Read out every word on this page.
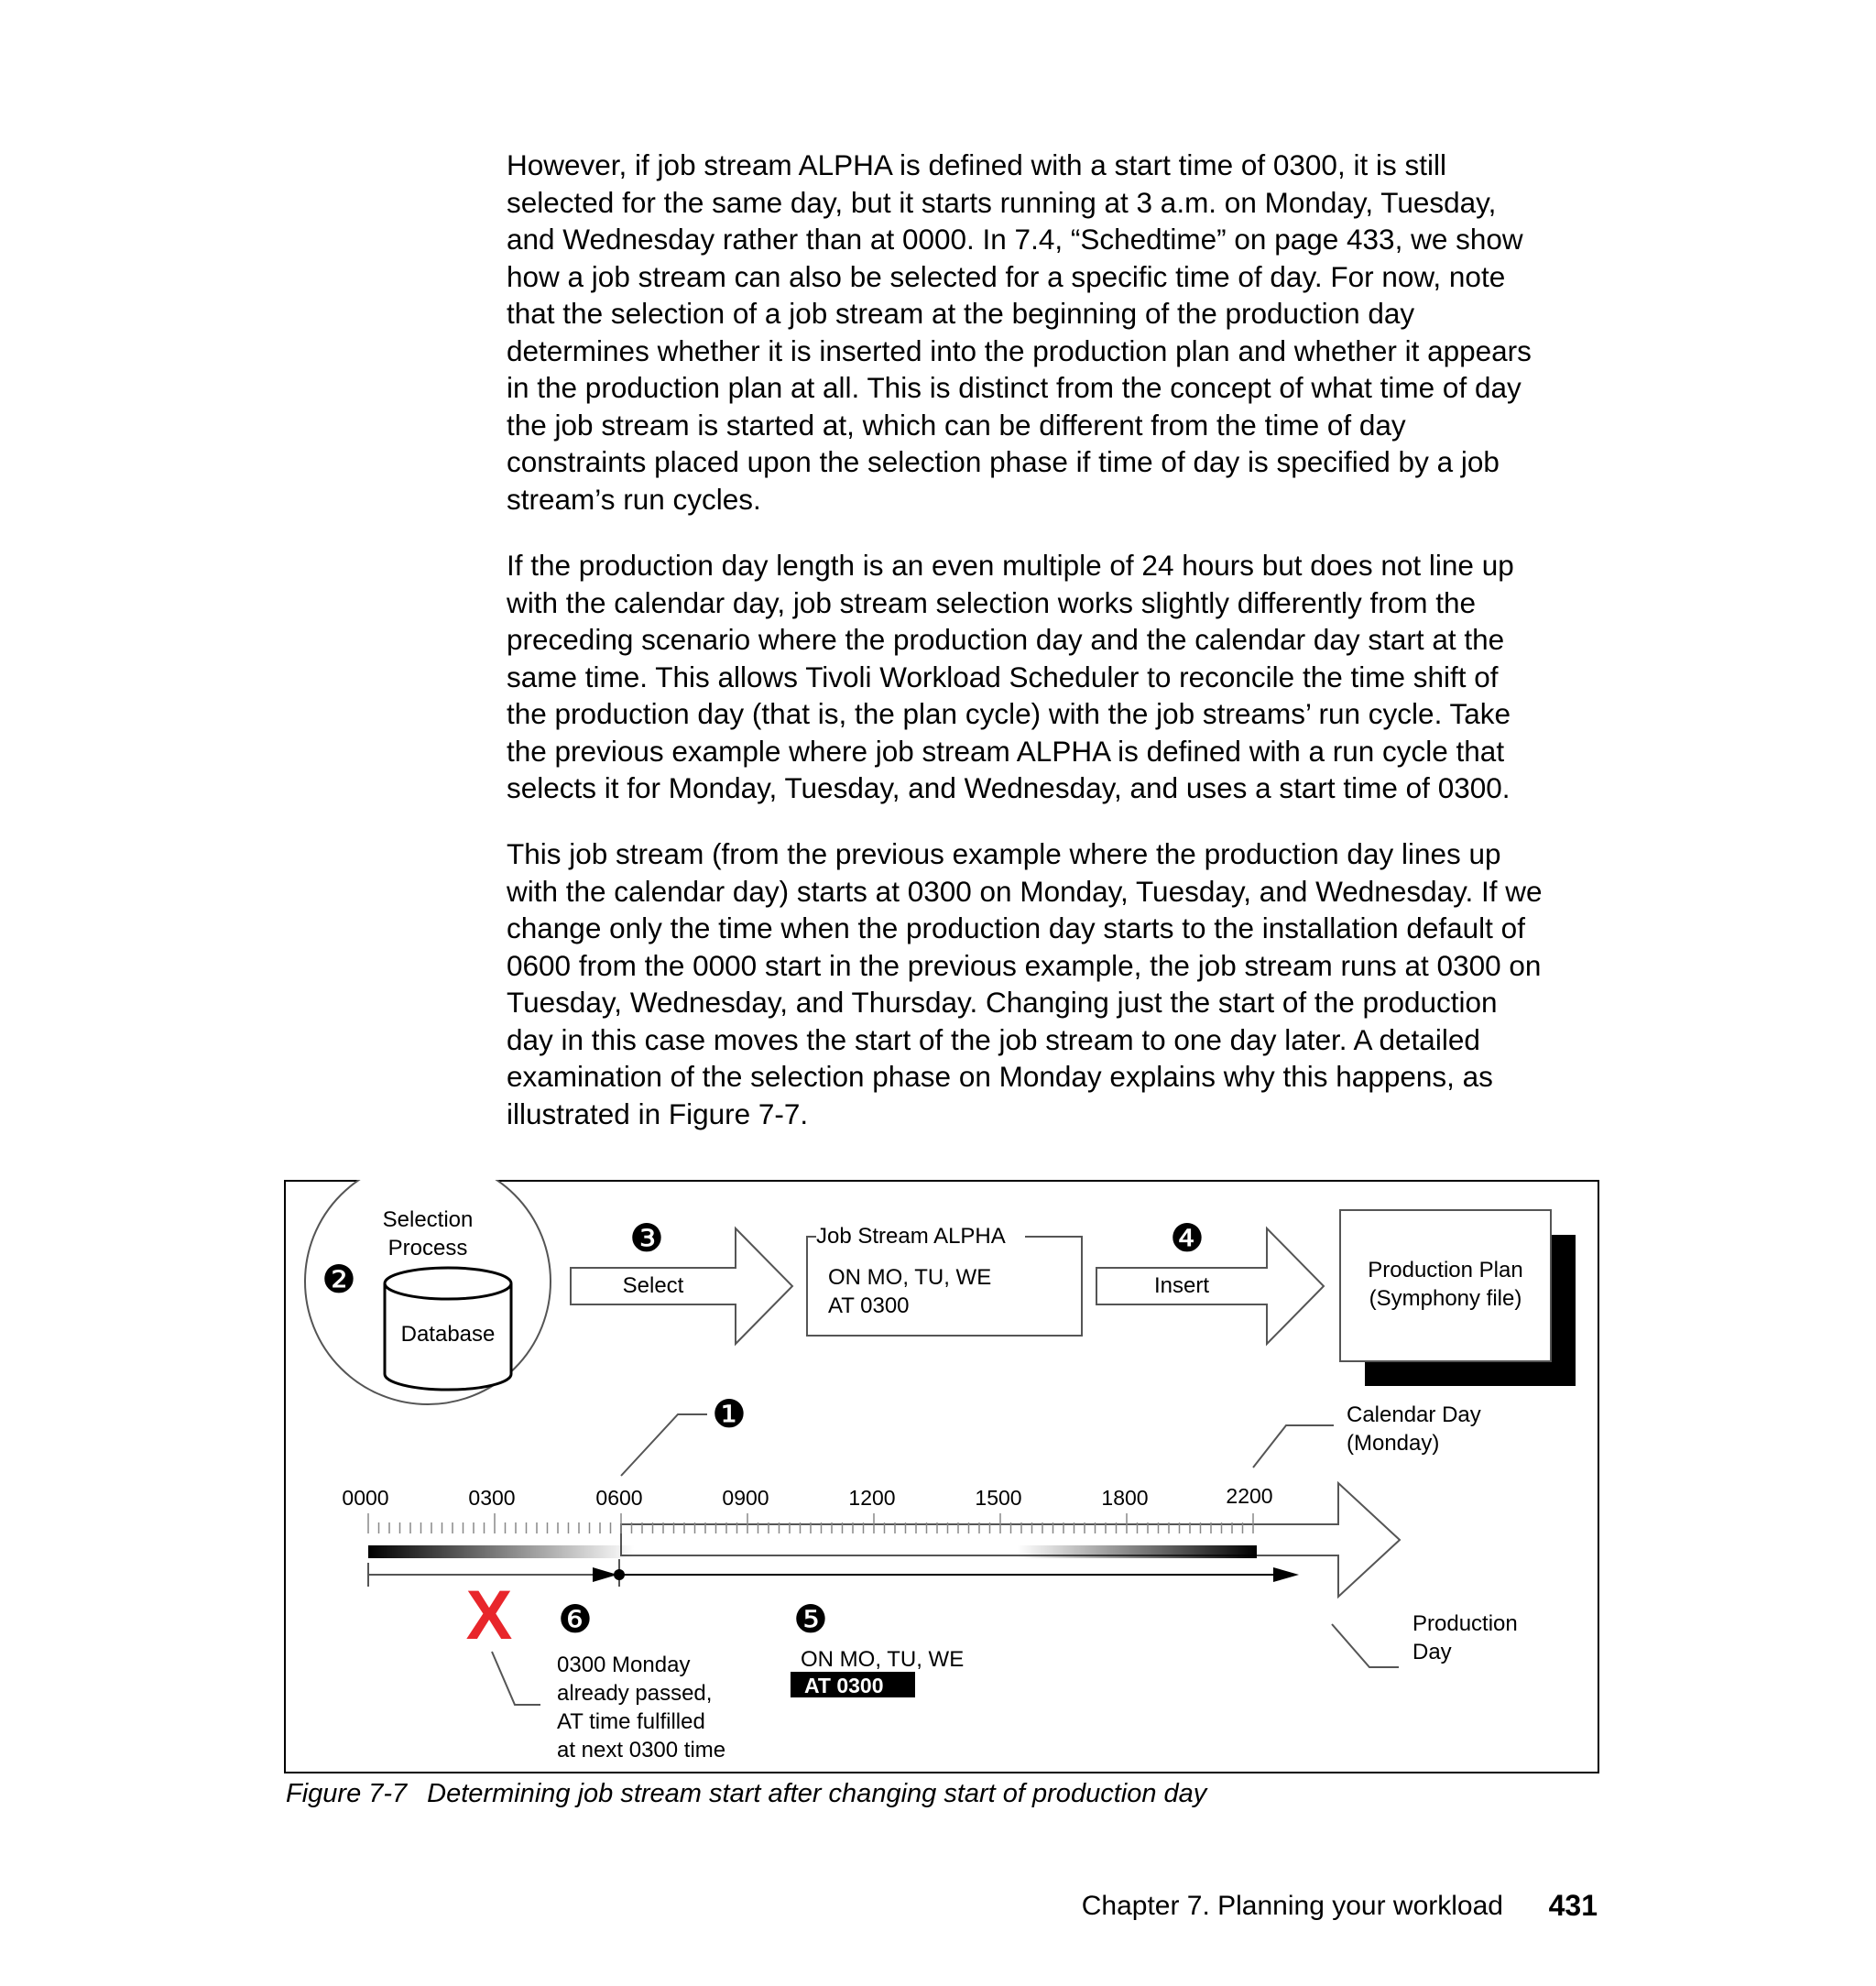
However, if job stream ALPHA is defined with a start time of 0300, it is still
selected for the same day, but it starts running at 3 a.m. on Monday, Tuesday,
and Wednesday rather than at 0000. In 7.4, “Schedtime” on page 433, we show
how a job stream can also be selected for a specific time of day. For now, note
that the selection of a job stream at the beginning of the production day
determines whether it is inserted into the production plan and whether it appears
in the production plan at all. This is distinct from the concept of what time of day
the job stream is started at, which can be different from the time of day
constraints placed upon the selection phase if time of day is specified by a job
stream’s run cycles.
If the production day length is an even multiple of 24 hours but does not line up
with the calendar day, job stream selection works slightly differently from the
preceding scenario where the production day and the calendar day start at the
same time. This allows Tivoli Workload Scheduler to reconcile the time shift of
the production day (that is, the plan cycle) with the job streams’ run cycle. Take
the previous example where job stream ALPHA is defined with a run cycle that
selects it for Monday, Tuesday, and Wednesday, and uses a start time of 0300.
This job stream (from the previous example where the production day lines up
with the calendar day) starts at 0300 on Monday, Tuesday, and Wednesday. If we
change only the time when the production day starts to the installation default of
0600 from the 0000 start in the previous example, the job stream runs at 0300 on
Tuesday, Wednesday, and Thursday. Changing just the start of the production
day in this case moves the start of the job stream to one day later. A detailed
examination of the selection phase on Monday explains why this happens, as
illustrated in Figure 7-7.
Selection
Process
Database
❷	Select
❸	Job Stream ALPHA
ON MO, TU, WE
AT 0300
Insert
❹
Production Plan
(Symphony file)
❶	Calendar Day
(Monday)
0000	0300	0600	0900	1200	1500	1800	2200
Production
Day
X ❻
0300 Monday
already passed,
AT time fulfilled
at next 0300 time
❺
ON MO, TU, WE
AT 0300
Figure 7-7 Determining job stream start after changing start of production day
Chapter 7. Planning your workload 431
